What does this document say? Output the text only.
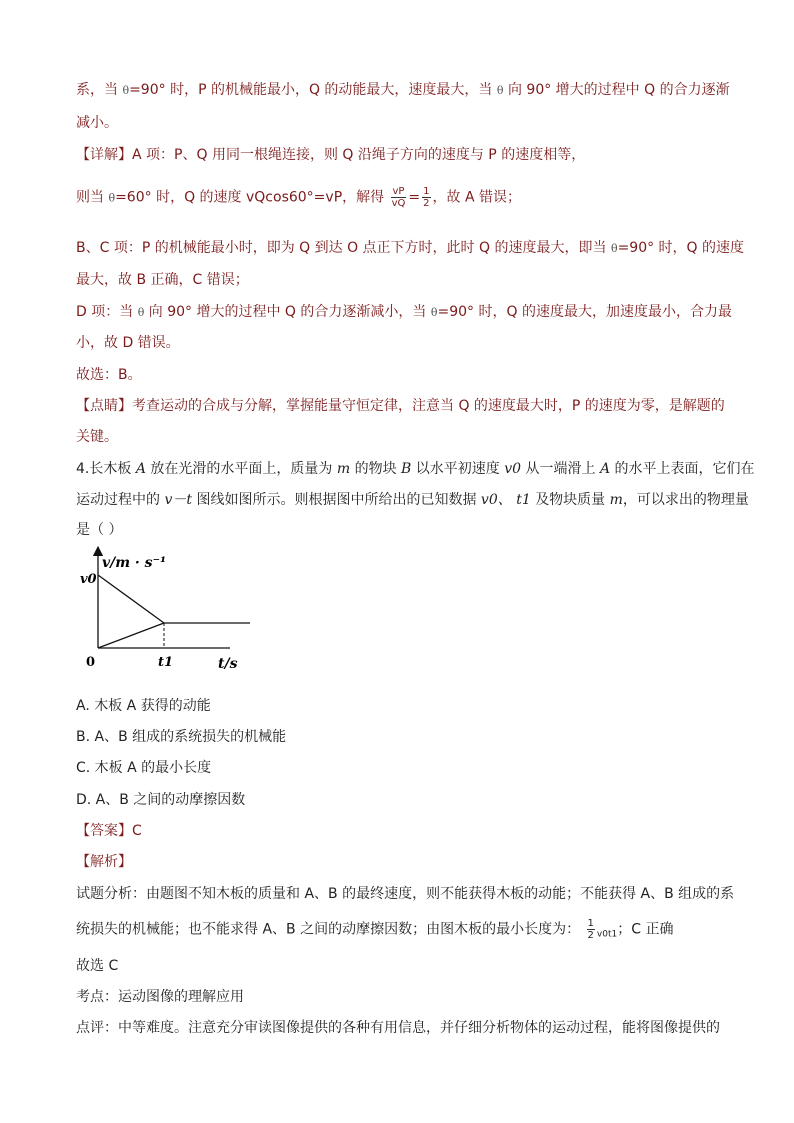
系，当 θ=90° 时，P 的机械能最小，Q 的动能最大，速度最大，当 θ 向 90° 增大的过程中 Q 的合力逐渐
减小。
【详解】A 项：P、Q 用同一根绳连接，则 Q 沿绳子方向的速度与 P 的速度相等，
则当 θ=60° 时，Q 的速度 vQcos60°=vP，解得 $\frac{vP}{vQ} = \frac{1}{2}$ ，故 A 错误；
B、C 项：P 的机械能最小时，即为 Q 到达 O 点正下方时，此时 Q 的速度最大，即当 θ=90° 时，Q 的速度
最大，故 B 正确，C 错误；
D 项：当 θ 向 90° 增大的过程中 Q 的合力逐渐减小，当 θ=90° 时，Q 的速度最大，加速度最小，合力最
小，故 D 错误。
故选：B。
【点睛】考查运动的合成与分解，掌握能量守恒定律，注意当 Q 的速度最大时，P 的速度为零，是解题的
关键。
4.长木板 A 放在光滑的水平面上，质量为 m 的物块 B 以水平初速度 v0 从一端滑上 A 的水平上表面，它们在
运动过程中的 v－t 图线如图所示。则根据图中所给出的已知数据 v0、 t1 及物块质量 m，可以求出的物理量
是（ ）
v/m · s⁻¹
v0
0	t1	t/s
A. 木板 A 获得的动能
B. A、B 组成的系统损失的机械能
C. 木板 A 的最小长度
D. A、B 之间的动摩擦因数
【答案】C
【解析】
试题分析：由题图不知木板的质量和 A、B 的最终速度，则不能获得木板的动能；不能获得 A、B 组成的系
统损失的机械能；也不能求得 A、B 之间的动摩擦因数；由图木板的最小长度为： $\frac{1}{2} _{v0t1}$；C 正确
故选 C
考点：运动图像的理解应用
点评：中等难度。注意充分审读图像提供的各种有用信息，并仔细分析物体的运动过程，能将图像提供的
